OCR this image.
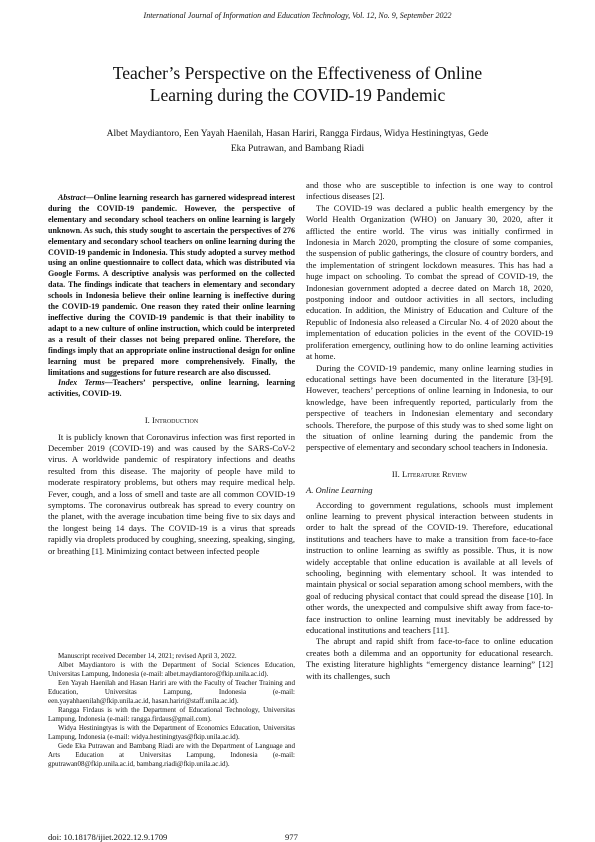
International Journal of Information and Education Technology, Vol. 12, No. 9, September 2022
Teacher’s Perspective on the Effectiveness of Online
Learning during the COVID-19 Pandemic
Albet Maydiantoro, Een Yayah Haenilah, Hasan Hariri, Rangga Firdaus, Widya Hestiningtyas, Gede
Eka Putrawan, and Bambang Riadi

Abstract—Online learning research has garnered widespread interest during the COVID-19 pandemic. However, the perspective of elementary and secondary school teachers on online learning is largely unknown. As such, this study sought to ascertain the perspectives of 276 elementary and secondary school teachers on online learning during the COVID-19 pandemic in Indonesia. This study adopted a survey method using an online questionnaire to collect data, which was distributed via Google Forms. A descriptive analysis was performed on the collected data. The findings indicate that teachers in elementary and secondary schools in Indonesia believe their online learning is ineffective during the COVID-19 pandemic. One reason they rated their online learning ineffective during the COVID-19 pandemic is that their inability to adapt to a new culture of online instruction, which could be interpreted as a result of their classes not being prepared online. Therefore, the findings imply that an appropriate online instructional design for online learning must be prepared more comprehensively. Finally, the limitations and suggestions for future research are also discussed.

Index Terms—Teachers’ perspective, online learning, learning activities, COVID-19.

I. Introduction

It is publicly known that Coronavirus infection was first reported in December 2019 (COVID-19) and was caused by the SARS-CoV-2 virus. A worldwide pandemic of respiratory infections and deaths resulted from this disease. The majority of people have mild to moderate respiratory problems, but others may require medical help. Fever, cough, and a loss of smell and taste are all common COVID-19 symptoms. The coronavirus outbreak has spread to every country on the planet, with the average incubation time being five to six days and the longest being 14 days. The COVID-19 is a virus that spreads rapidly via droplets produced by coughing, sneezing, speaking, singing, or breathing [1]. Minimizing contact between infected people

Manuscript received December 14, 2021; revised April 3, 2022.

Albet Maydiantoro is with the Department of Social Sciences Education, Universitas Lampung, Indonesia (e-mail: albet.maydiantoro@fkip.unila.ac.id).

Een Yayah Haenilah and Hasan Hariri are with the Faculty of Teacher Training and Education, Universitas Lampung, Indonesia (e-mail: een.yayahhaenilah@fkip.unila.ac.id, hasan.hariri@staff.unila.ac.id).

Rangga Firdaus is with the Department of Educational Technology, Universitas Lampung, Indonesia (e-mail: rangga.firdaus@gmail.com).

Widya Hestiningtyas is with the Department of Economics Education, Universitas Lampung, Indonesia (e-mail: widya.hestiningtyas@fkip.unila.ac.id).

Gede Eka Putrawan and Bambang Riadi are with the Department of Language and Arts Education at Universitas Lampung, Indonesia (e-mail: gputrawan08@fkip.unila.ac.id, bambang.riadi@fkip.unila.ac.id).

and those who are susceptible to infection is one way to control infectious diseases [2].

The COVID-19 was declared a public health emergency by the World Health Organization (WHO) on January 30, 2020, after it afflicted the entire world. The virus was initially confirmed in Indonesia in March 2020, prompting the closure of some companies, the suspension of public gatherings, the closure of country borders, and the implementation of stringent lockdown measures. This has had a huge impact on schooling. To combat the spread of COVID-19, the Indonesian government adopted a decree dated on March 18, 2020, postponing indoor and outdoor activities in all sectors, including education. In addition, the Ministry of Education and Culture of the Republic of Indonesia also released a Circular No. 4 of 2020 about the implementation of education policies in the event of the COVID-19 proliferation emergency, outlining how to do online learning activities at home.

During the COVID-19 pandemic, many online learning studies in educational settings have been documented in the literature [3]-[9]. However, teachers’ perceptions of online learning in Indonesia, to our knowledge, have been infrequently reported, particularly from the perspective of teachers in Indonesian elementary and secondary schools. Therefore, the purpose of this study was to shed some light on the situation of online learning during the pandemic from the perspective of elementary and secondary school teachers in Indonesia.

II. Literature Review
A. Online Learning

According to government regulations, schools must implement online learning to prevent physical interaction between students in order to halt the spread of the COVID-19. Therefore, educational institutions and teachers have to make a transition from face-to-face instruction to online learning as swiftly as possible. Thus, it is now widely acceptable that online education is available at all levels of schooling, beginning with elementary school. It was intended to maintain physical or social separation among school members, with the goal of reducing physical contact that could spread the disease [10]. In other words, the unexpected and compulsive shift away from face-to-face instruction to online learning must inevitably be addressed by educational institutions and teachers [11].

The abrupt and rapid shift from face-to-face to online education creates both a dilemma and an opportunity for educational research. The existing literature highlights “emergency distance learning” [12] with its challenges, such

doi: 10.18178/ijiet.2022.12.9.1709	977
